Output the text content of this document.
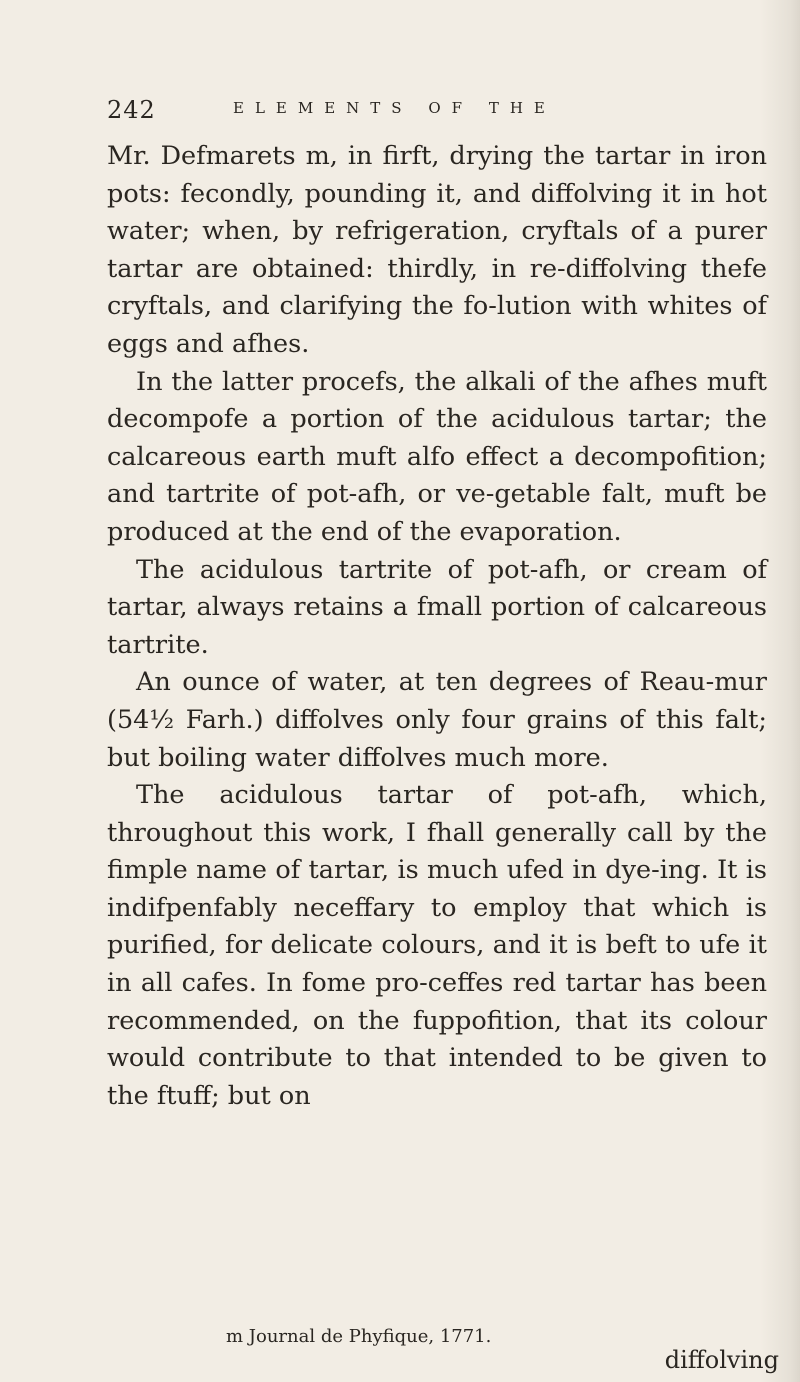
242	ELEMENTS OF THE

Mr. Defmarets m, in firft, drying the tartar in iron pots: fecondly, pounding it, and diffolving it in hot water; when, by refrigeration, cryftals of a purer tartar are obtained: thirdly, in re-diffolving thefe cryftals, and clarifying the fo-lution with whites of eggs and afhes.

In the latter procefs, the alkali of the afhes muft decompofe a portion of the acidulous tartar; the calcareous earth muft alfo effect a decompofition; and tartrite of pot-afh, or ve-getable falt, muft be produced at the end of the evaporation.

The acidulous tartrite of pot-afh, or cream of tartar, always retains a fmall portion of calcareous tartrite.

An ounce of water, at ten degrees of Reau-mur (54½ Farh.) diffolves only four grains of this falt; but boiling water diffolves much more.

The acidulous tartar of pot-afh, which, throughout this work, I fhall generally call by the fimple name of tartar, is much ufed in dye-ing. It is indifpenfably neceffary to employ that which is purified, for delicate colours, and it is beft to ufe it in all cafes. In fome pro-ceffes red tartar has been recommended, on the fuppofition, that its colour would contribute to that intended to be given to the ftuff; but on

m Journal de Phyfique, 1771.
diffolving
